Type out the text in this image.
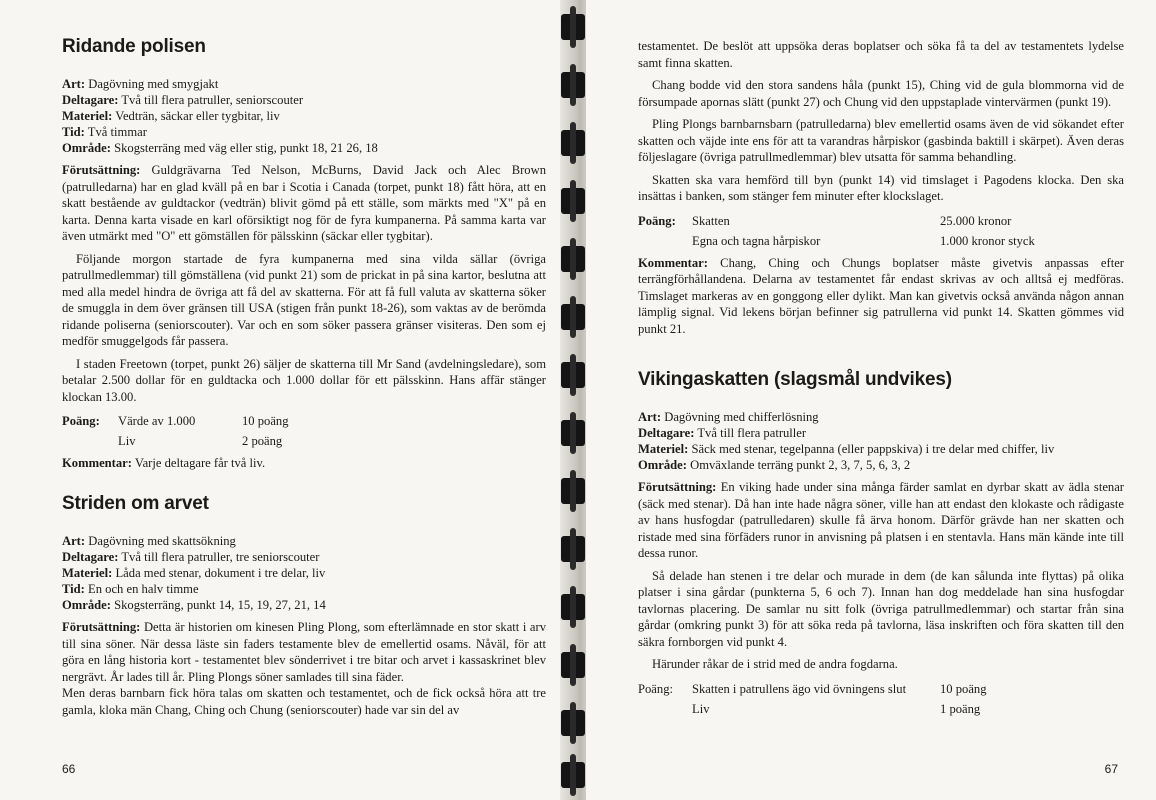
Ridande polisen
Art: Dagövning med smygjakt
Deltagare: Två till flera patruller, seniorscouter
Materiel: Vedträn, säckar eller tygbitar, liv
Tid: Två timmar
Område: Skogsterräng med väg eller stig, punkt 18, 21 26, 18

Förutsättning: Guldgrävarna Ted Nelson, McBurns, David Jack och Alec Brown (patrulledarna) har en glad kväll på en bar i Scotia i Canada (torpet, punkt 18) fått höra, att en skatt bestående av guldtackor (vedträn) blivit gömd på ett ställe, som märkts med "X" på en karta. Denna karta visade en karl oförsiktigt nog för de fyra kumpanerna. På samma karta var även utmärkt med "O" ett gömställen för pälsskinn (säckar eller tygbitar).

Följande morgon startade de fyra kumpanerna med sina vilda sällar (övriga patrullmedlemmar) till gömställena (vid punkt 21) som de prickat in på sina kartor, beslutna att med alla medel hindra de övriga att få del av skatterna. För att få full valuta av skatterna söker de smuggla in dem över gränsen till USA (stigen från punkt 18-26), som vaktas av de berömda ridande poliserna (seniorscouter). Var och en som söker passera gränser visiteras. Den som ej medför smuggelgods får passera.

I staden Freetown (torpet, punkt 26) säljer de skatterna till Mr Sand (avdelningsledare), som betalar 2.500 dollar för en guldtacka och 1.000 dollar för ett pälsskinn. Hans affär stänger klockan 13.00.

Poäng:	Värde av 1.000	10 poäng
	Liv	2 poäng
Kommentar: Varje deltagare får två liv.
Striden om arvet
Art: Dagövning med skattsökning
Deltagare: Två till flera patruller, tre seniorscouter
Materiel: Låda med stenar, dokument i tre delar, liv
Tid: En och en halv timme
Område: Skogsterräng, punkt 14, 15, 19, 27, 21, 14

Förutsättning: Detta är historien om kinesen Pling Plong, som efterlämnade en stor skatt i arv till sina söner. När dessa läste sin faders testamente blev de emellertid osams. Nåväl, för att göra en lång historia kort - testamentet blev sönderrivet i tre bitar och arvet i kassaskrinet blev nergrävt. År lades till år. Pling Plongs söner samlades till sina fäder.

Men deras barnbarn fick höra talas om skatten och testamentet, och de fick också höra att tre gamla, kloka män Chang, Ching och Chung (seniorscouter) hade var sin del av

66

testamentet. De beslöt att uppsöka deras boplatser och söka få ta del av testamentets lydelse samt finna skatten.

Chang bodde vid den stora sandens håla (punkt 15), Ching vid de gula blommorna vid de försumpade apornas slätt (punkt 27) och Chung vid den uppstaplade vintervärmen (punkt 19).

Pling Plongs barnbarnsbarn (patrulledarna) blev emellertid osams även de vid sökandet efter skatten och väjde inte ens för att ta varandras hårpiskor (gasbinda baktill i skärpet). Även deras följeslagare (övriga patrullmedlemmar) blev utsatta för samma behandling.

Skatten ska vara hemförd till byn (punkt 14) vid timslaget i Pagodens klocka. Den ska insättas i banken, som stänger fem minuter efter klockslaget.

Poäng:	Skatten	25.000 kronor
	Egna och tagna hårpiskor	1.000 kronor styck

Kommentar: Chang, Ching och Chungs boplatser måste givetvis anpassas efter terrängförhållandena. Delarna av testamentet får endast skrivas av och alltså ej medföras. Timslaget markeras av en gonggong eller dylikt. Man kan givetvis också använda någon annan lämplig signal. Vid lekens början befinner sig patrullerna vid punkt 14. Skatten gömmes vid punkt 21.

Vikingaskatten (slagsmål undvikes)
Art: Dagövning med chifferlösning
Deltagare: Två till flera patruller
Materiel: Säck med stenar, tegelpanna (eller pappskiva) i tre delar med chiffer, liv
Område: Omväxlande terräng punkt 2, 3, 7, 5, 6, 3, 2

Förutsättning: En viking hade under sina många färder samlat en dyrbar skatt av ädla stenar (säck med stenar). Då han inte hade några söner, ville han att endast den klokaste och rådigaste av hans husfogdar (patrulledaren) skulle få ärva honom. Därför grävde han ner skatten och ristade med sina förfäders runor in anvisning på platsen i en stentavla. Hans män kände inte till dessa runor.

Så delade han stenen i tre delar och murade in dem (de kan sålunda inte flyttas) på olika platser i sina gårdar (punkterna 5, 6 och 7). Innan han dog meddelade han sina husfogdar tavlornas placering. De samlar nu sitt folk (övriga patrullmedlemmar) och startar från sina gårdar (omkring punkt 3) för att söka reda på tavlorna, läsa inskriften och föra skatten till den säkra fornborgen vid punkt 4.

Härunder råkar de i strid med de andra fogdarna.

Poäng:	Skatten i patrullens ägo vid övningens slut	10 poäng
	Liv	1 poäng
67
